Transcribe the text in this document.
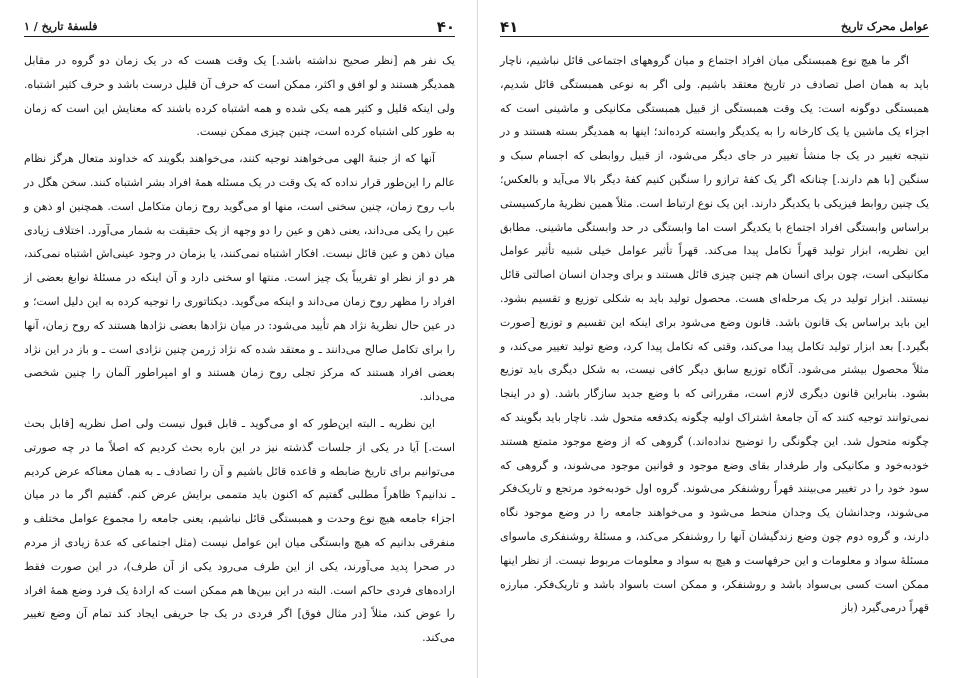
عوامل محرک تاریخ
۴۱

اگر ما هیچ نوع همبستگی میان افراد اجتماع و میان گروههای اجتماعی قائل نباشیم، ناچار باید به همان اصل تصادف در تاریخ معتقد باشیم. ولی اگر به نوعی همبستگی قائل شدیم، همبستگی دوگونه است: یک وقت همبستگی از قبیل همبستگی مکانیکی و ماشینی است که اجزاء یک ماشین یا یک کارخانه را به یکدیگر وابسته کرده‌اند؛ اینها به همدیگر بسته هستند و در نتیجه تغییر در یک جا منشأ تغییر در جای دیگر می‌شود، از قبیل روابطی که اجسام سبک و سنگین [با هم دارند.] چنانکه اگر یک کفهٔ ترازو را سنگین کنیم کفهٔ دیگر بالا می‌آید و بالعکس؛ یک چنین روابط فیزیکی با یکدیگر دارند. این یک نوع ارتباط است. مثلاً همین نظریهٔ مارکسیستی براساس وابستگی افراد اجتماع با یکدیگر است اما وابستگی در حد وابستگی ماشینی. مطابق این نظریه، ابزار تولید قهراً تکامل پیدا می‌کند. قهراً تأثیر عوامل خیلی شبیه تأثیر عوامل مکانیکی است، چون برای انسان هم چنین چیزی قائل هستند و برای وجدان انسان اصالتی قائل نیستند. ابزار تولید در یک مرحله‌ای هست. محصول تولید باید به شکلی توزیع و تقسیم بشود. این باید براساس یک قانون باشد. قانون وضع می‌شود برای اینکه این تقسیم و توزیع [صورت بگیرد.] بعد ابزار تولید تکامل پیدا می‌کند، وقتی که تکامل پیدا کرد، وضع تولید تغییر می‌کند، و مثلاً محصول بیشتر می‌شود. آنگاه توزیع سابق دیگر کافی نیست، به شکل دیگری باید توزیع بشود. بنابراین قانون دیگری لازم است، مقرراتی که با وضع جدید سازگار باشد. (و در اینجا نمی‌توانند توجیه کنند که آن جامعهٔ اشتراک اولیه چگونه یکدفعه متحول شد. ناچار باید بگویند که چگونه متحول شد. این چگونگی را توضیح نداده‌اند.) گروهی که از وضع موجود متمتع هستند خودبه‌خود و مکانیکی وار طرفدار بقای وضع موجود و قوانین موجود می‌شوند، و گروهی که سود خود را در تغییر می‌بینند قهراً روشنفکر می‌شوند. گروه اول خودبه‌خود مرتجع و تاریک‌فکر می‌شوند، وجدانشان یک وجدان منحط می‌شود و می‌خواهند جامعه را در وضع موجود نگاه دارند، و گروه دوم چون وضع زندگیشان آنها را روشنفکر می‌کند، و مسئلهٔ روشنفکری ماسوای مسئلهٔ سواد و معلومات و این حرفهاست و هیچ به سواد و معلومات مربوط نیست. از نظر اینها ممکن است کسی بی‌سواد باشد و روشنفکر، و ممکن است باسواد باشد و تاریک‌فکر. مبارزه قهراً درمی‌گیرد (باز

۴۰
فلسفهٔ تاریخ / ۱

یک نفر هم [نظر صحیح نداشته باشد.] یک وقت هست که در یک زمان دو گروه در مقابل همدیگر هستند و لو افق و اکثر، ممکن است که حرف آن قلیل درست باشد و حرف کثیر اشتباه. ولی اینکه قلیل و کثیر همه یکی شده و همه اشتباه کرده باشند که معنایش این است که زمان به طور کلی اشتباه کرده است، چنین چیزی ممکن نیست.

آنها که از جنبهٔ الهی می‌خواهند توجیه کنند، می‌خواهند بگویند که خداوند متعال هرگز نظام عالم را این‌طور قرار نداده که یک وقت در یک مسئله همهٔ افراد بشر اشتباه کنند. سخن هگل در باب روح زمان، چنین سخنی است، منها او می‌گوید روح زمان متکامل است. همچنین او ذهن و عین را یکی می‌داند، یعنی ذهن و عین را دو وجهه از یک حقیقت به شمار می‌آورد. اختلاف زیادی میان ذهن و عین قائل نیست. افکار اشتباه نمی‌کنند، یا بزمان در وجود عینی‌اش اشتباه نمی‌کند، هر دو از نظر او تقریباً یک چیز است. منتها او سخنی دارد و آن اینکه در مسئلهٔ نوابغ بعضی از افراد را مظهر روح زمان می‌داند و اینکه می‌گوید. دیکتاتوری را توجیه کرده به این دلیل است؛ و در عین حال نظریهٔ نژاد هم تأیید می‌شود: در میان نژادها بعضی نژادها هستند که روح زمان، آنها را برای تکامل صالح می‌دانند ـ و معتقد شده که نژاد ژرمن چنین نژادی است ـ و باز در این نژاد بعضی افراد هستند که مرکز تجلی روح زمان هستند و او امپراطور آلمان را چنین شخصی می‌داند.

این نظریه ـ البته این‌طور که او می‌گوید ـ قابل قبول نیست ولی اصل نظریه [قابل بحث است.] آیا در یکی از جلسات گذشته نیز در این باره بحث کردیم که اصلاً ما در چه صورتی می‌توانیم برای تاریخ ضابطه و قاعده قائل باشیم و آن را تصادف ـ به همان معناکه عرض کردیم ـ ندانیم؟ ظاهراً مطلبی گفتیم که اکنون باید متممی برایش عرض کنم. گفتیم اگر ما در میان اجزاء جامعه هیچ نوع وحدت و همبستگی قائل نباشیم، یعنی جامعه را مجموع عوامل مختلف و منفرقی بدانیم که هیچ وابستگی میان این عوامل نیست (مثل اجتماعی که عدهٔ زیادی از مردم در صحرا پدید می‌آورند، یکی از این طرف می‌رود یکی از آن طرف)، در این صورت فقط اراده‌های فردی حاکم است. البته در این بین‌ها هم ممکن است که ارادهٔ یک فرد وضع همهٔ افراد را عوض کند، مثلاً [در مثال فوق] اگر فردی در یک جا حریفی ایجاد کند تمام آن وضع تغییر می‌کند.
